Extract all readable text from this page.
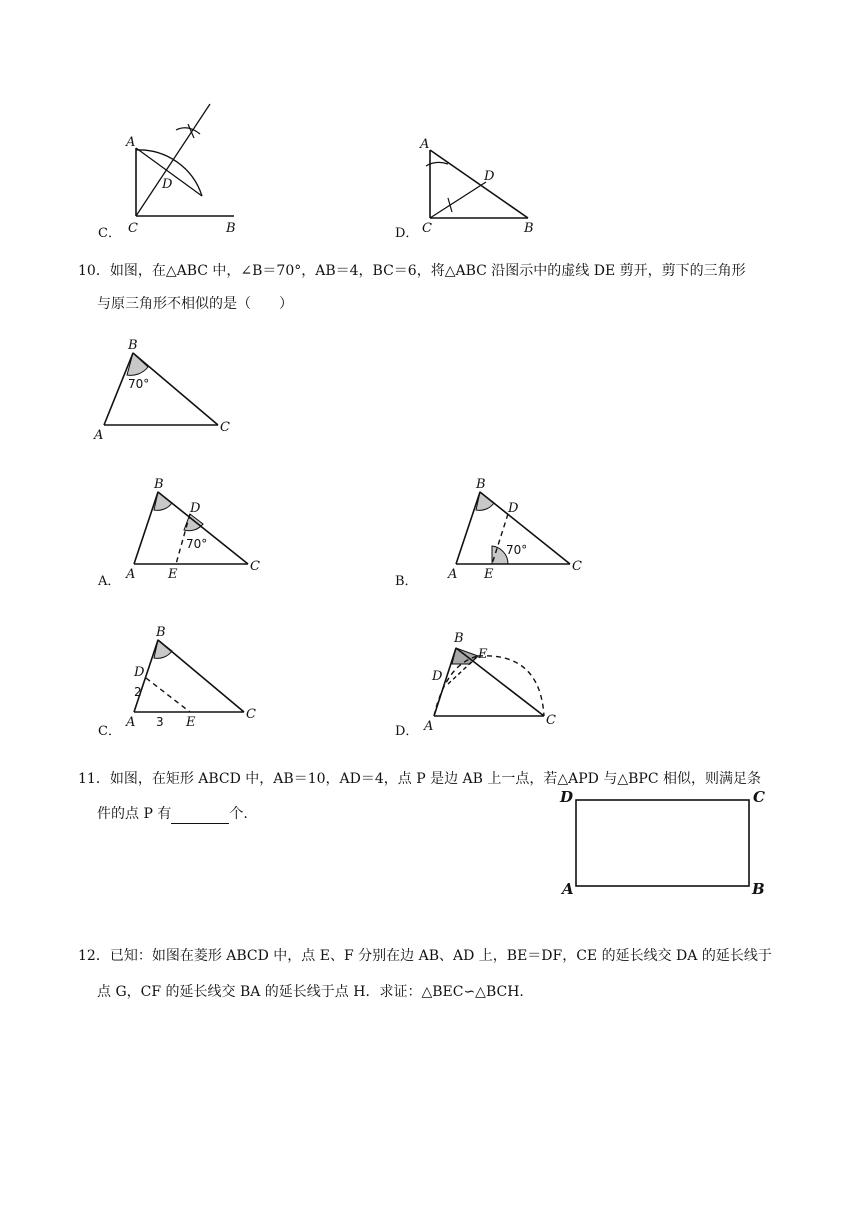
C．
A
D
C	B	D．
A
D
C	B
10．如图，在△ABC 中，∠B＝70°，AB＝4，BC＝6，将△ABC 沿图示中的虚线 DE 剪开，剪下的三角形
与原三角形不相似的是（　　）
70°
B
A
C
A．
70°
B
D
A	E
C
B．
70°
B
D
A E
C
C．
2
3
B
D
A	E
C
D．
B
E
D
A	C
11．如图，在矩形 ABCD 中，AB＝10，AD＝4，点 P 是边 AB 上一点，若△APD 与△BPC 相似，则满足条
件的点 P 有	个.
D	C
A	B
12．已知：如图在菱形 ABCD 中，点 E、F 分别在边 AB、AD 上，BE＝DF，CE 的延长线交 DA 的延长线于
点 G，CF 的延长线交 BA 的延长线于点 H．求证：△BEC∽△BCH.
